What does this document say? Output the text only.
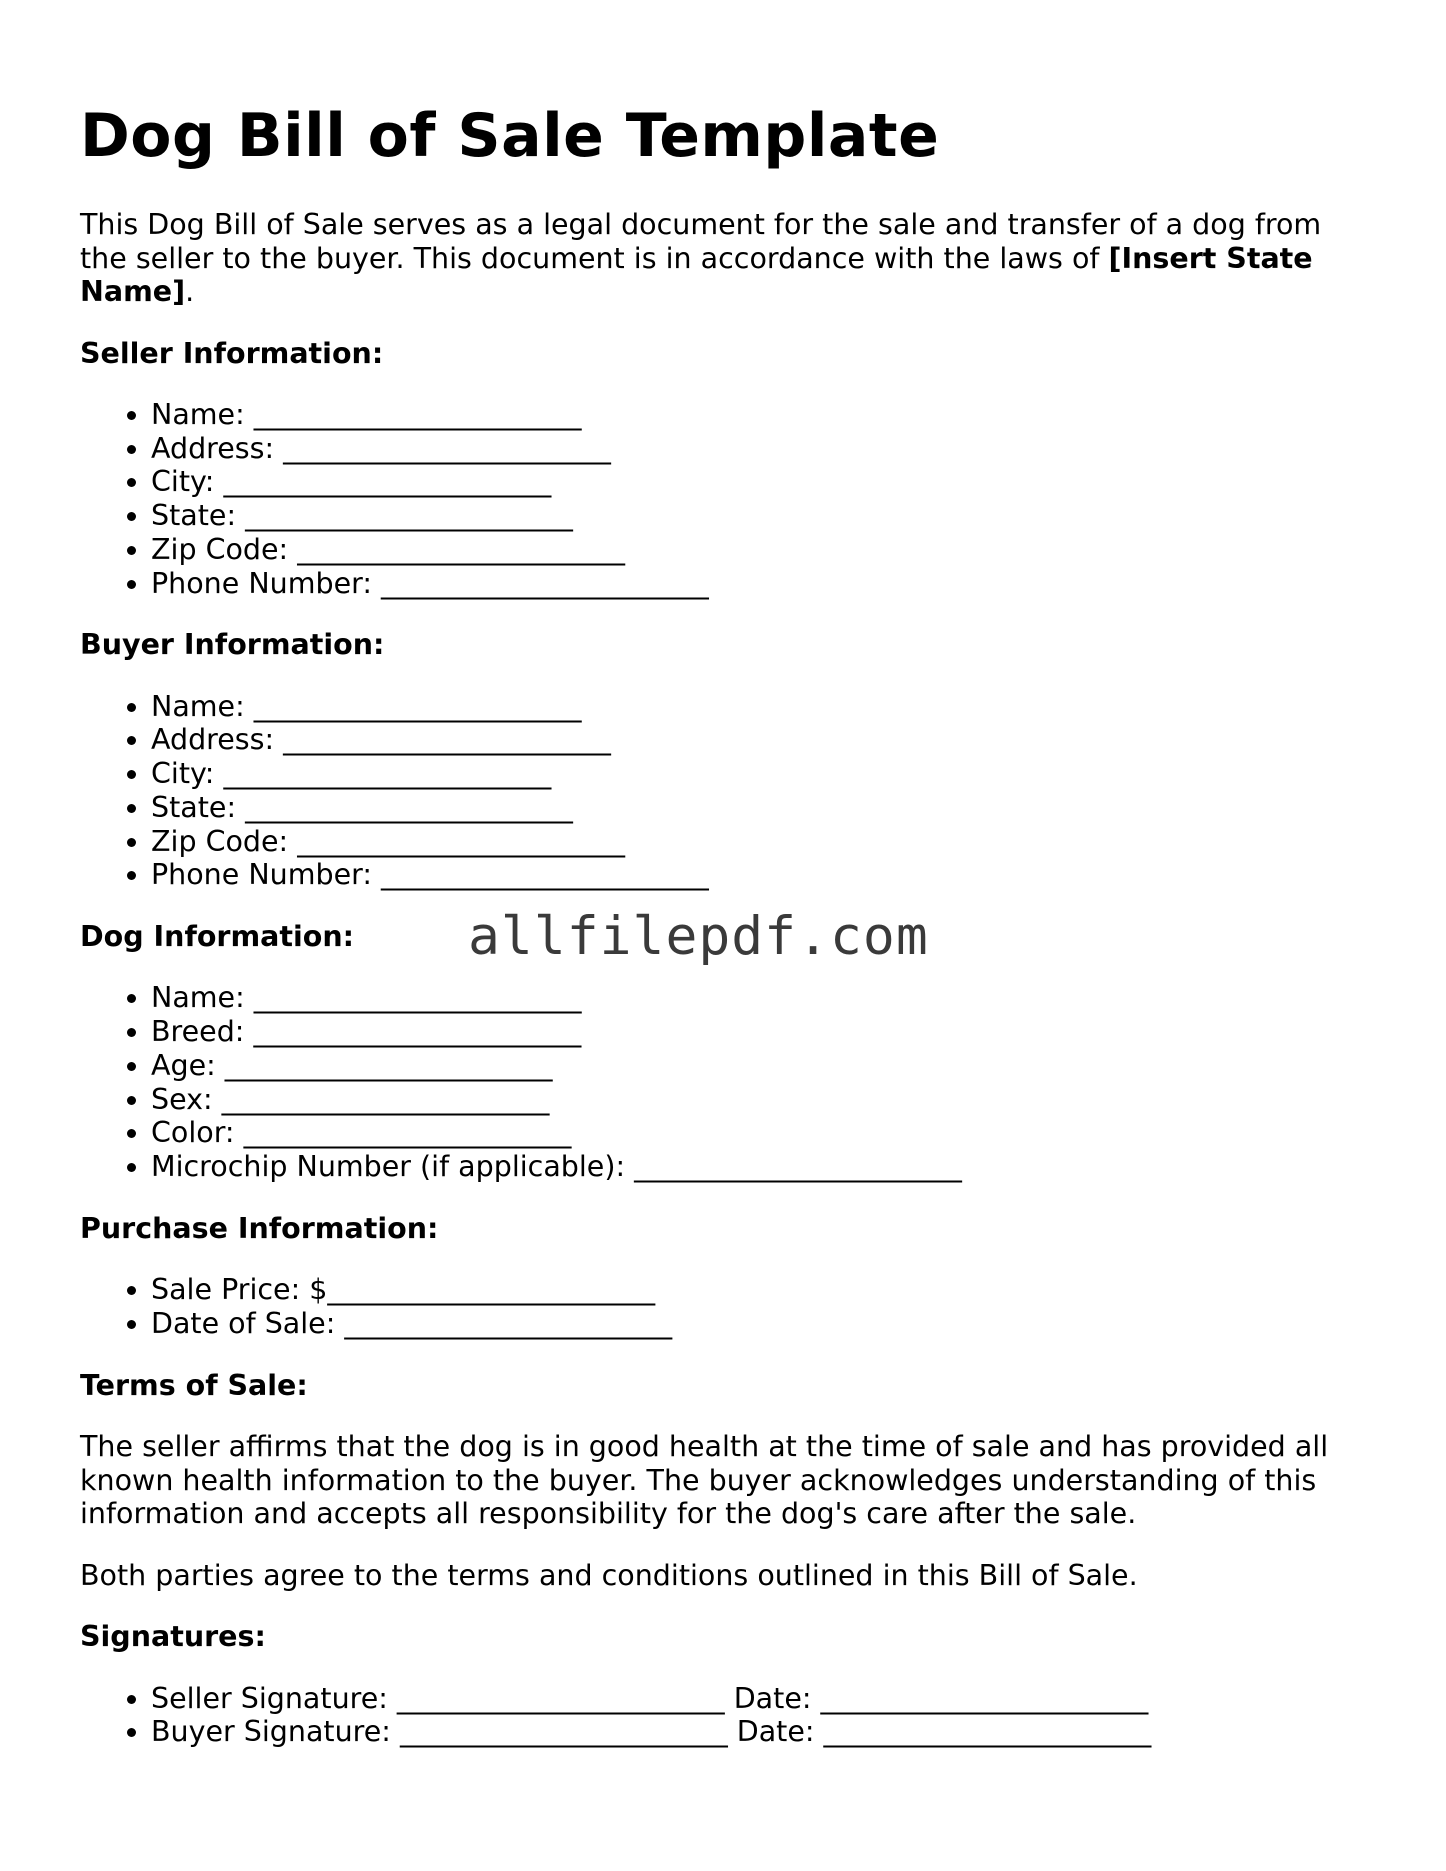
Dog Bill of Sale Template

This Dog Bill of Sale serves as a legal document for the sale and transfer of a dog from the seller to the buyer. This document is in accordance with the laws of [Insert State Name].

Seller Information:
• Name: _______________________
• Address: _______________________
• City: _______________________
• State: _______________________
• Zip Code: _______________________
• Phone Number: _______________________
Buyer Information:
• Name: _______________________
• Address: _______________________
• City: _______________________
• State: _______________________
• Zip Code: _______________________
• Phone Number: _______________________
Dog Information:
• Name: _______________________
• Breed: _______________________
• Age: _______________________
• Sex: _______________________
• Color: _______________________
• Microchip Number (if applicable): _______________________
Purchase Information:
• Sale Price: $_______________________
• Date of Sale: _______________________
Terms of Sale:

The seller affirms that the dog is in good health at the time of sale and has provided all known health information to the buyer. The buyer acknowledges understanding of this information and accepts all responsibility for the dog's care after the sale.

Both parties agree to the terms and conditions outlined in this Bill of Sale.

Signatures:
• Seller Signature: _______________________ Date: _______________________
• Buyer Signature: _______________________ Date: _______________________
allfilepdf.com
